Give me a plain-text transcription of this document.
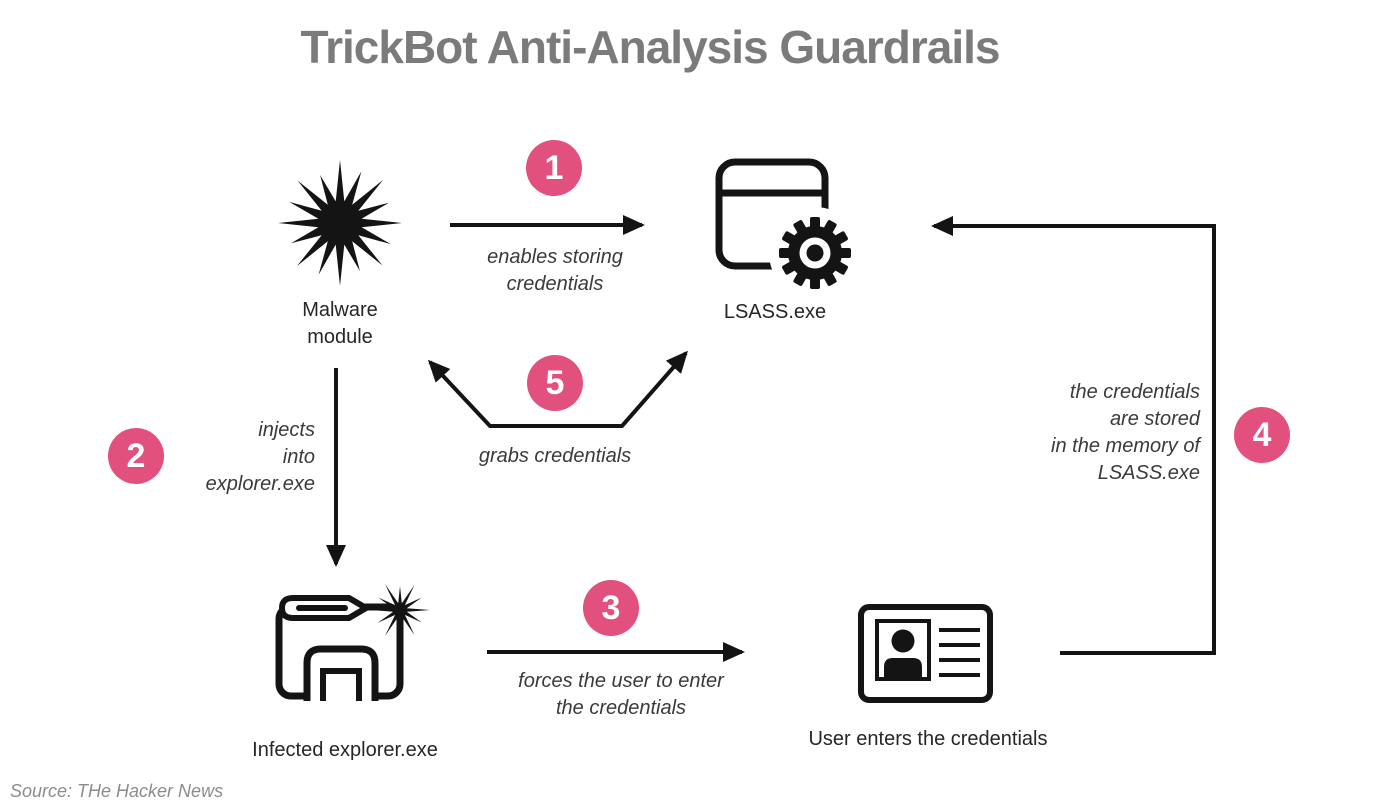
TrickBot Anti-Analysis Guardrails
Malware
module
LSASS.exe
Infected explorer.exe	User enters the credentials
1
2
3
4
5
enables storing
credentials
injects
into
explorer.exe
forces the user to enter
the credentials
the credentials
are stored
in the memory of
LSASS.exe
grabs credentials
Source: THe Hacker News
